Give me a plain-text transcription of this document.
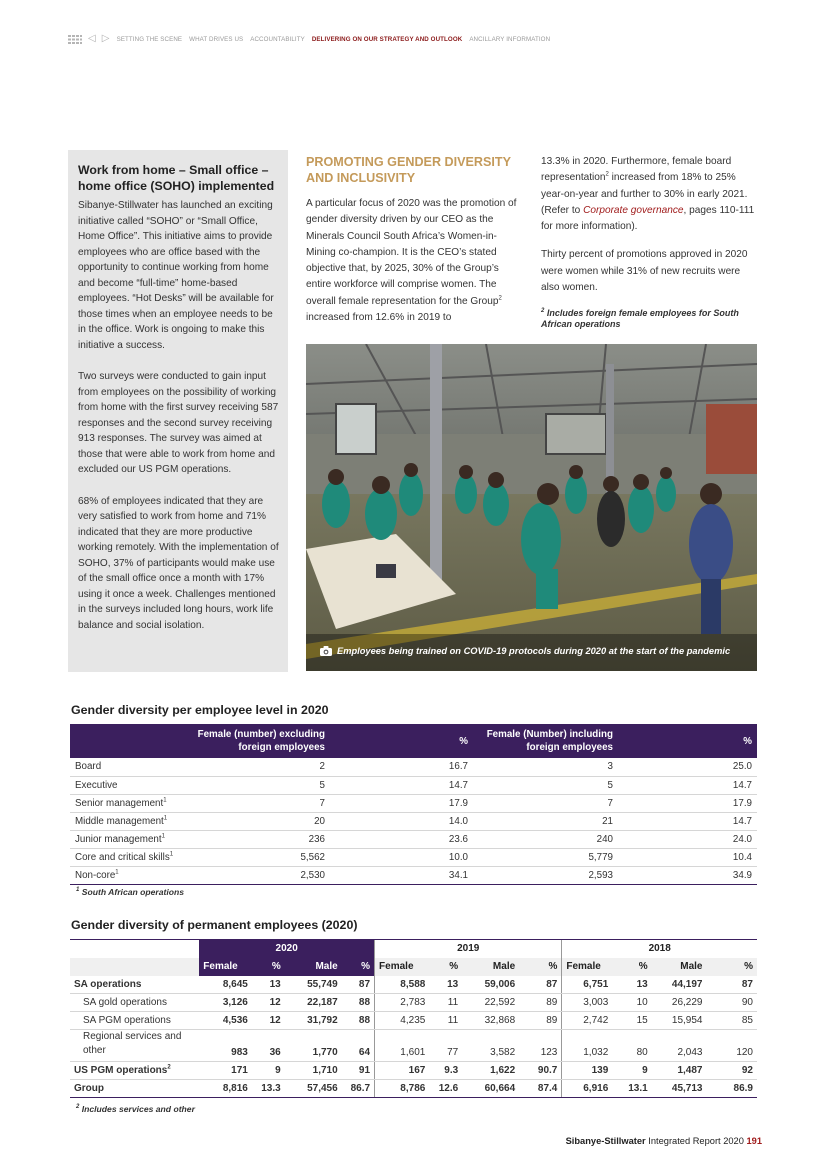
◁ ▷ SETTING THE SCENE WHAT DRIVES US ACCOUNTABILITY DELIVERING ON OUR STRATEGY AND OUTLOOK ANCILLARY INFORMATION
Work from home – Small office – home office (SOHO) implemented

Sibanye-Stillwater has launched an exciting initiative called “SOHO” or “Small Office, Home Office”. This initiative aims to provide employees who are office based with the opportunity to continue working from home and become “full-time” home-based employees. “Hot Desks” will be available for those times when an employee needs to be in the office. Work is ongoing to make this initiative a success.

Two surveys were conducted to gain input from employees on the possibility of working from home with the first survey receiving 587 responses and the second survey receiving 913 responses. The survey was aimed at those that were able to work from home and excluded our US PGM operations.

68% of employees indicated that they are very satisfied to work from home and 71% indicated that they are more productive working remotely. With the implementation of SOHO, 37% of participants would make use of the small office once a month with 17% using it once a week. Challenges mentioned in the surveys included long hours, work life balance and social isolation.

PROMOTING GENDER DIVERSITY AND INCLUSIVITY

A particular focus of 2020 was the promotion of gender diversity driven by our CEO as the Minerals Council South Africa’s Women-in-Mining co-champion. It is the CEO’s stated objective that, by 2025, 30% of the Group’s entire workforce will comprise women. The overall female representation for the Group$^2$ increased from 12.6% in 2019 to

13.3% in 2020. Furthermore, female board representation$^2$ increased from 18% to 25% year-on-year and further to 30% in early 2021. (Refer to Corporate governance, pages 110-111 for more information).

Thirty percent of promotions approved in 2020 were women while 31% of new recruits were also women.

$^2$ Includes foreign female employees for South African operations
Employees being trained on COVID-19 protocols during 2020 at the start of the pandemic
Gender diversity per employee level in 2020
	Female (number) excluding foreign employees	%	Female (Number) including foreign employees	%
Board	2	16.7	3	25.0
Executive	5	14.7	5	14.7
Senior management$^1$	7	17.9	7	17.9
Middle management$^1$	20	14.0	21	14.7
Junior management$^1$	236	23.6	240	24.0
Core and critical skills$^1$	5,562	10.0	5,779	10.4
Non-core$^1$	2,530	34.1	2,593	34.9
$^1$ South African operations
Gender diversity of permanent employees (2020)
	2020				2019				2018			
	Female	%	Male	%	Female	%	Male	%	Female	%	Male	%
SA operations	8,645	13	55,749	87	8,588	13	59,006	87	6,751	13	44,197	87
SA gold operations	3,126	12	22,187	88	2,783	11	22,592	89	3,003	10	26,229	90
SA PGM operations	4,536	12	31,792	88	4,235	11	32,868	89	2,742	15	15,954	85
Regional services and other	983	36	1,770	64	1,601	77	3,582	123	1,032	80	2,043	120
US PGM operations$^2$	171	9	1,710	91	167	9.3	1,622	90.7	139	9	1,487	92
Group	8,816	13.3	57,456	86.7	8,786	12.6	60,664	87.4	6,916	13.1	45,713	86.9
$^2$ Includes services and other
Sibanye-Stillwater Integrated Report 2020 191
